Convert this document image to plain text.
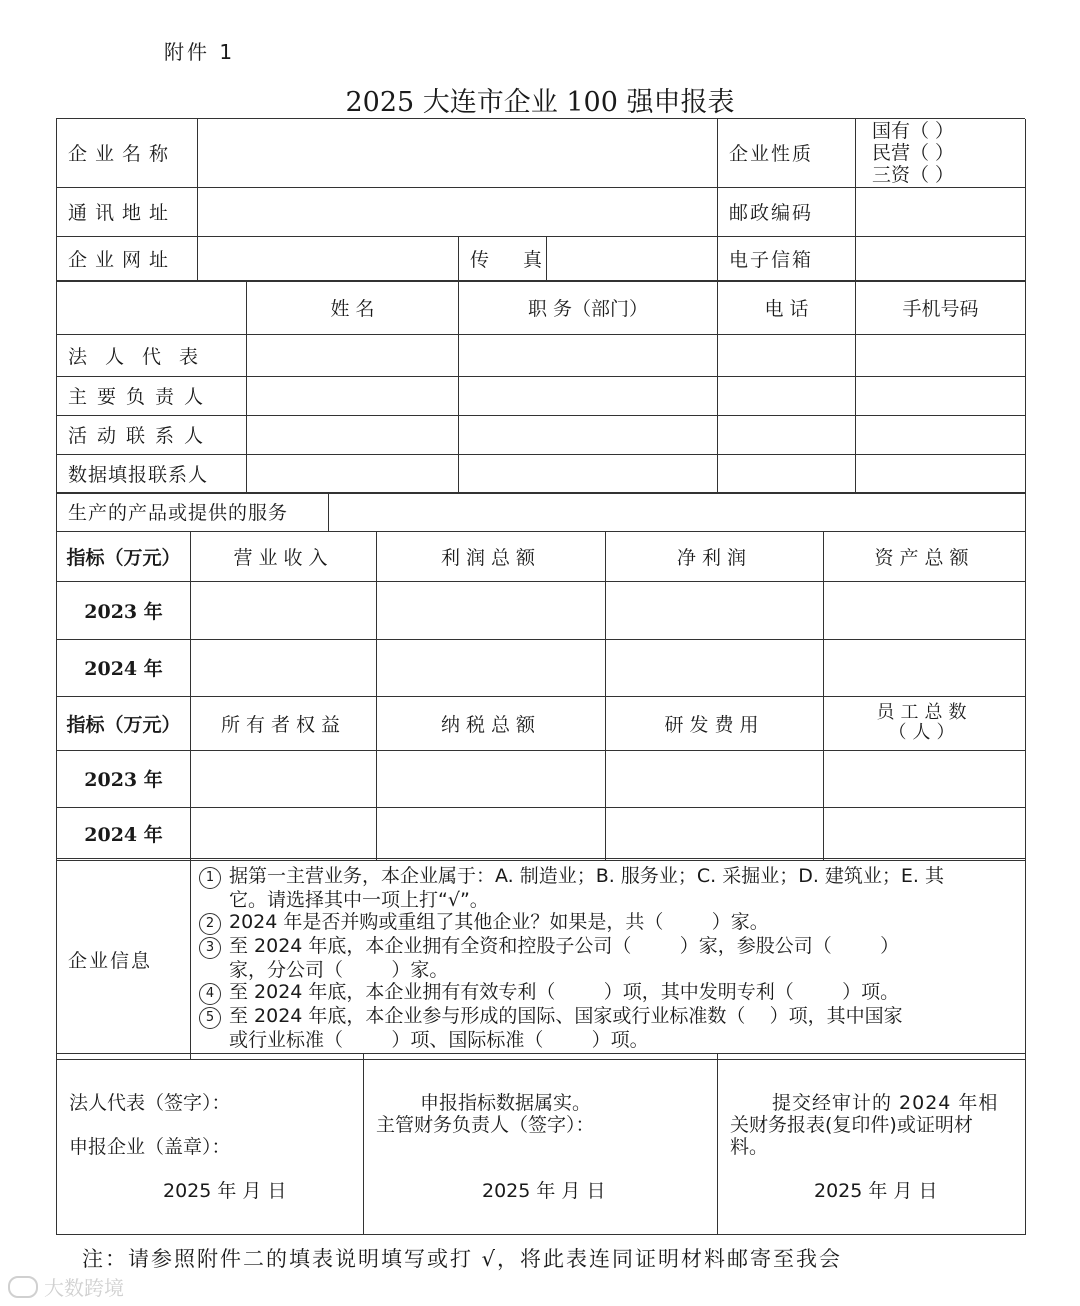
附件 1
2025 大连市企业 100 强申报表
企业名称				企业性质	国有（ ）
民营（ ）
三资（ ）

通讯地址				邮政编码	
企业网址		传 真		电子信箱	
	姓 名	职 务（部门）	电 话	手机号码
法人代表				
主要负责人				
活动联系人				
数据填报联系人				
生产的产品或提供的服务	
指标（万元）	营业收入	利润总额	净利润	资产总额
2023 年				
2024 年				
指标（万元）	所有者权益	纳税总额	研发费用	员工总数（人）
2023 年				
2024 年				
企业信息	
1 据第一主营业务，本企业属于：A. 制造业；B. 服务业；C. 采掘业；D. 建筑业；E. 其
它。请选择其中一项上打“√”。
2 2024 年是否并购或重组了其他企业？如果是，共（        ）家。
3 至 2024 年底，本企业拥有全资和控股子公司（        ）家，参股公司（        ）
家，分公司（        ）家。
4 至 2024 年底，本企业拥有有效专利（        ）项，其中发明专利（        ）项。
5 至 2024 年底，本企业参与形成的国际、国家或行业标准数（    ）项，其中国家
或行业标准（        ）项、国际标准（        ）项。
法人代表（签字）：
申报企业（盖章）：
2025 年 月 日

申报指标数据属实。
主管财务负责人（签字）：
2025 年 月 日

提交经审计的 2024 年相
关财务报表(复印件)或证明材
料。
2025 年 月 日
注：请参照附件二的填表说明填写或打 √，将此表连同证明材料邮寄至我会
大数跨境
